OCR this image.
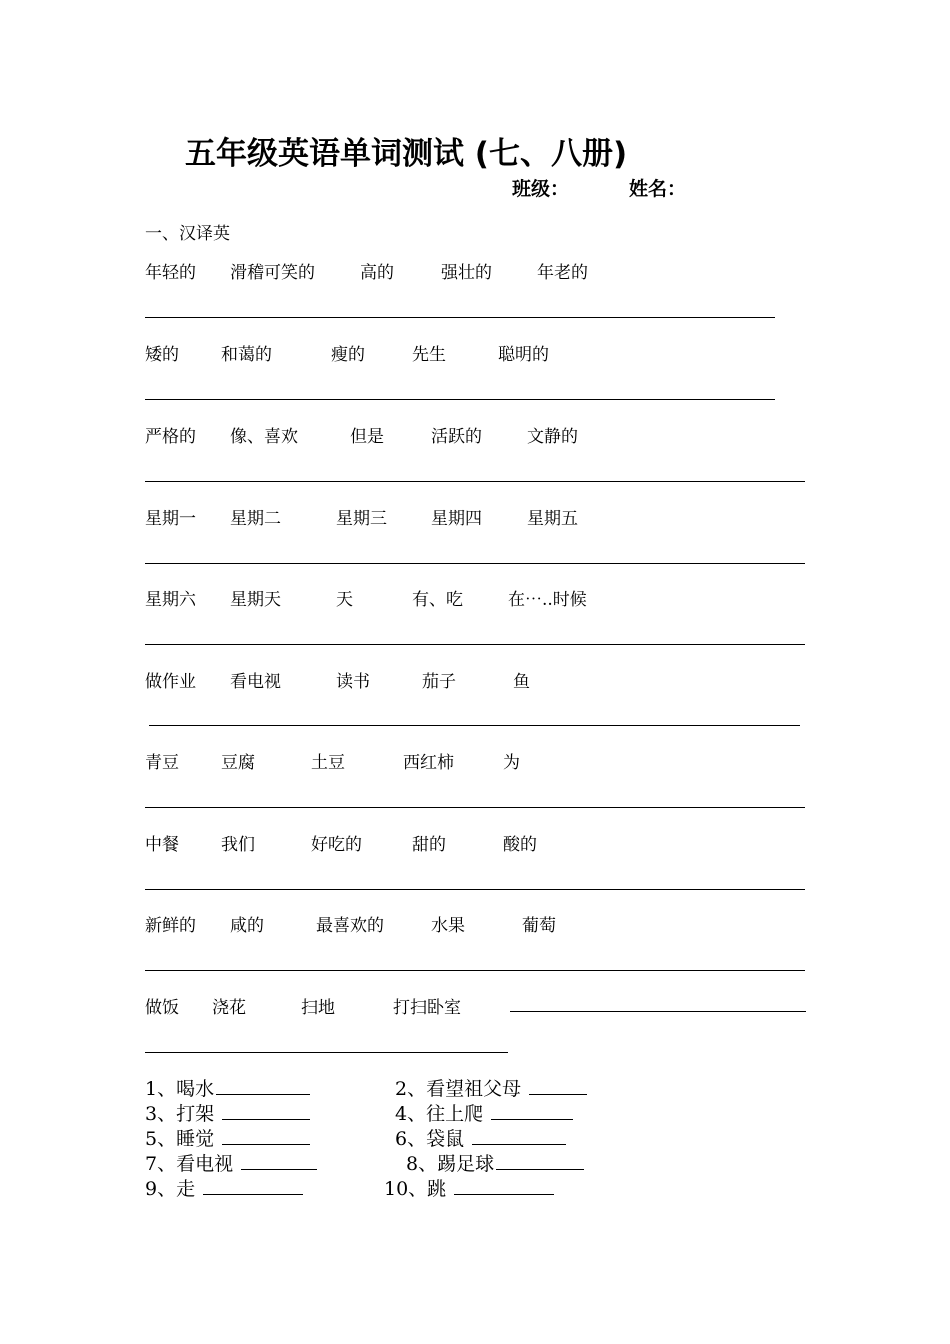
五年级英语单词测试 (七、八册)
班级：	姓名：
一、汉译英
年轻的 滑稽可笑的	高的	强壮的	年老的
矮的 和蔼的	瘦的	先生	聪明的
严格的 像、喜欢	但是	活跃的	文静的
星期一 星期二	星期三	星期四	星期五
星期六 星期天	天	有、吃	在⋯..时候
做作业 看电视	读书	茄子	鱼
青豆 豆腐	土豆	西红柿	为
中餐 我们	好吃的	甜的	酸的
新鲜的 咸的	最喜欢的	水果	葡萄
做饭 浇花	扫地	打扫卧室
1、喝水	2、看望祖父母
3、打架	4、往上爬
5、睡觉	6、袋鼠
7、看电视	8、踢足球
9、走	10、跳
